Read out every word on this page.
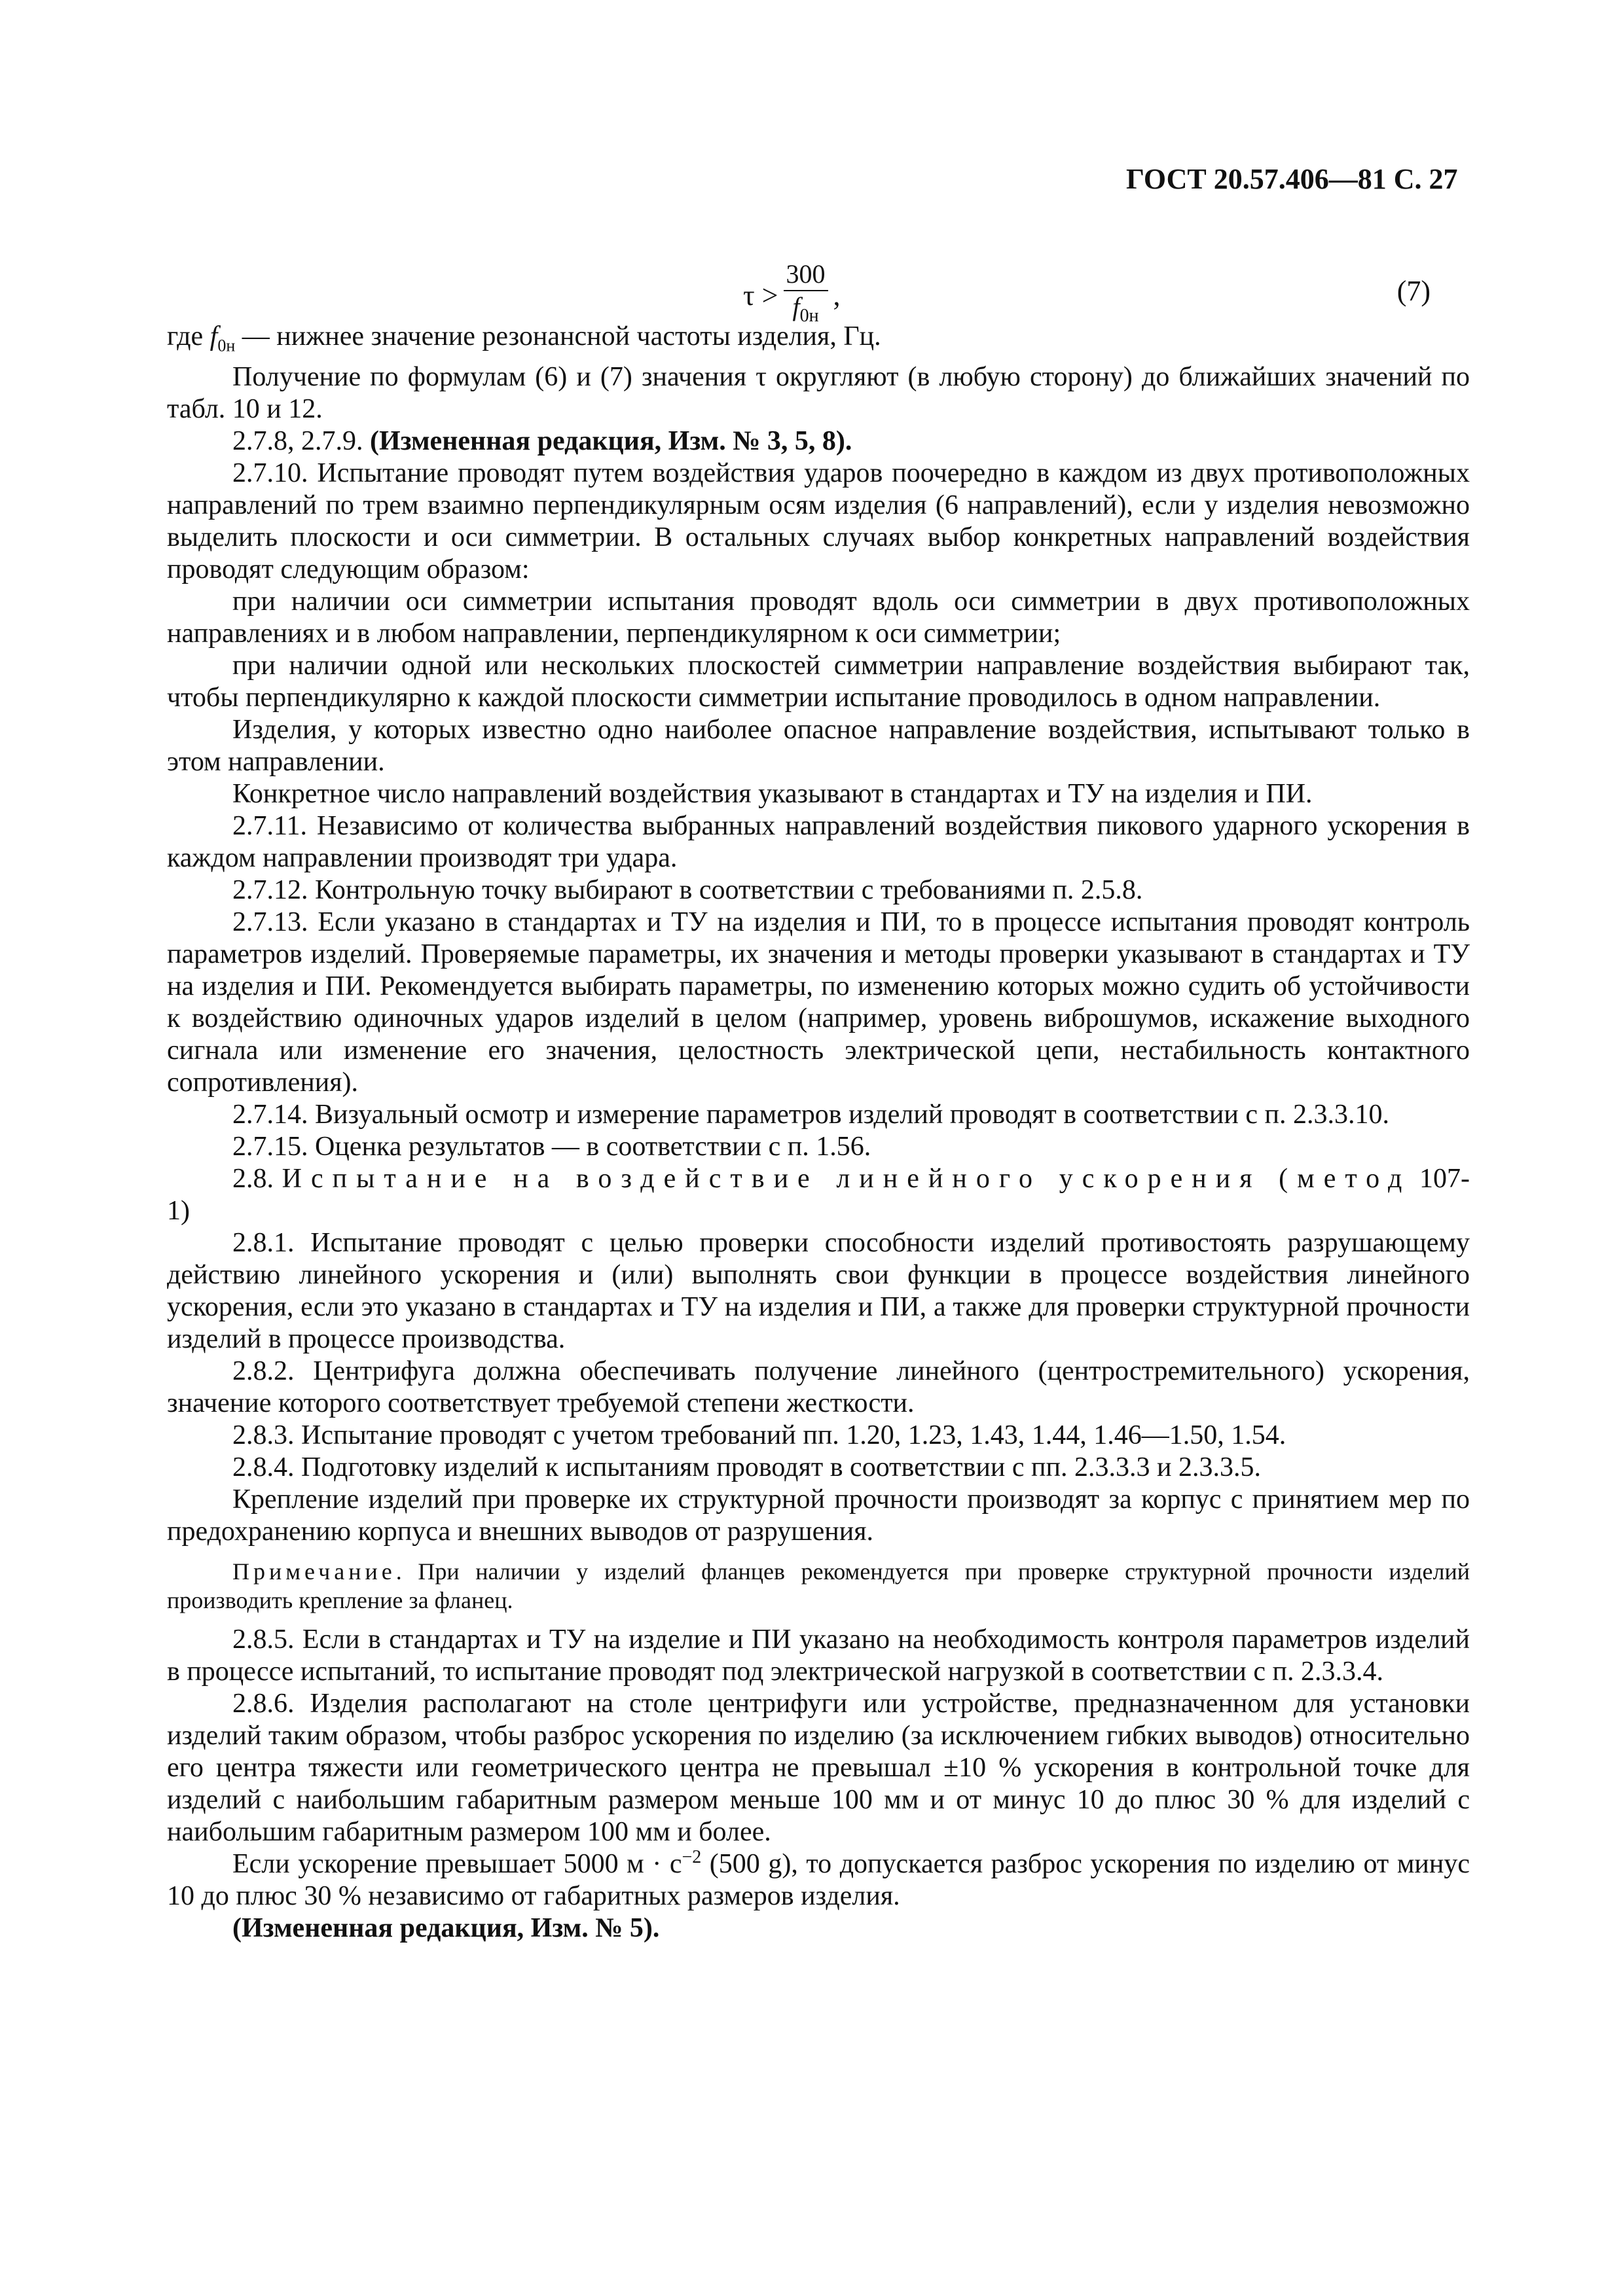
ГОСТ 20.57.406—81 С. 27
$\tau > \frac{300}{f_{0н}}$ ,	(7)

где $f_{0н}$ — нижнее значение резонансной частоты изделия, Гц.

Получение по формулам (6) и (7) значения τ округляют (в любую сторону) до ближайших значений по табл. 10 и 12.

2.7.8, 2.7.9. (Измененная редакция, Изм. № 3, 5, 8).

2.7.10. Испытание проводят путем воздействия ударов поочередно в каждом из двух противоположных направлений по трем взаимно перпендикулярным осям изделия (6 направлений), если у изделия невозможно выделить плоскости и оси симметрии. В остальных случаях выбор конкретных направлений воздействия проводят следующим образом:

при наличии оси симметрии испытания проводят вдоль оси симметрии в двух противоположных направлениях и в любом направлении, перпендикулярном к оси симметрии;

при наличии одной или нескольких плоскостей симметрии направление воздействия выбирают так, чтобы перпендикулярно к каждой плоскости симметрии испытание проводилось в одном направлении.

Изделия, у которых известно одно наиболее опасное направление воздействия, испытывают только в этом направлении.

Конкретное число направлений воздействия указывают в стандартах и ТУ на изделия и ПИ.

2.7.11. Независимо от количества выбранных направлений воздействия пикового ударного ускорения в каждом направлении производят три удара.

2.7.12. Контрольную точку выбирают в соответствии с требованиями п. 2.5.8.

2.7.13. Если указано в стандартах и ТУ на изделия и ПИ, то в процессе испытания проводят контроль параметров изделий. Проверяемые параметры, их значения и методы проверки указывают в стандартах и ТУ на изделия и ПИ. Рекомендуется выбирать параметры, по изменению которых можно судить об устойчивости к воздействию одиночных ударов изделий в целом (например, уровень виброшумов, искажение выходного сигнала или изменение его значения, целостность электрической цепи, нестабильность контактного сопротивления).

2.7.14. Визуальный осмотр и измерение параметров изделий проводят в соответствии с п. 2.3.3.10.

2.7.15. Оценка результатов — в соответствии с п. 1.56.

2.8. Испытание на воздействие линейного ускорения (метод 107-1)

2.8.1. Испытание проводят с целью проверки способности изделий противостоять разрушающему действию линейного ускорения и (или) выполнять свои функции в процессе воздействия линейного ускорения, если это указано в стандартах и ТУ на изделия и ПИ, а также для проверки структурной прочности изделий в процессе производства.

2.8.2. Центрифуга должна обеспечивать получение линейного (центростремительного) ускорения, значение которого соответствует требуемой степени жесткости.

2.8.3. Испытание проводят с учетом требований пп. 1.20, 1.23, 1.43, 1.44, 1.46—1.50, 1.54.

2.8.4. Подготовку изделий к испытаниям проводят в соответствии с пп. 2.3.3.3 и 2.3.3.5.

Крепление изделий при проверке их структурной прочности производят за корпус с принятием мер по предохранению корпуса и внешних выводов от разрушения.

Примечание. При наличии у изделий фланцев рекомендуется при проверке структурной прочности изделий производить крепление за фланец.

2.8.5. Если в стандартах и ТУ на изделие и ПИ указано на необходимость контроля параметров изделий в процессе испытаний, то испытание проводят под электрической нагрузкой в соответствии с п. 2.3.3.4.

2.8.6. Изделия располагают на столе центрифуги или устройстве, предназначенном для установки изделий таким образом, чтобы разброс ускорения по изделию (за исключением гибких выводов) относительно его центра тяжести или геометрического центра не превышал ±10 % ускорения в контрольной точке для изделий с наибольшим габаритным размером меньше 100 мм и от минус 10 до плюс 30 % для изделий с наибольшим габаритным размером 100 мм и более.

Если ускорение превышает 5000 $м \cdot с^{-2}$ (500 g), то допускается разброс ускорения по изделию от минус 10 до плюс 30 % независимо от габаритных размеров изделия.

(Измененная редакция, Изм. № 5).
